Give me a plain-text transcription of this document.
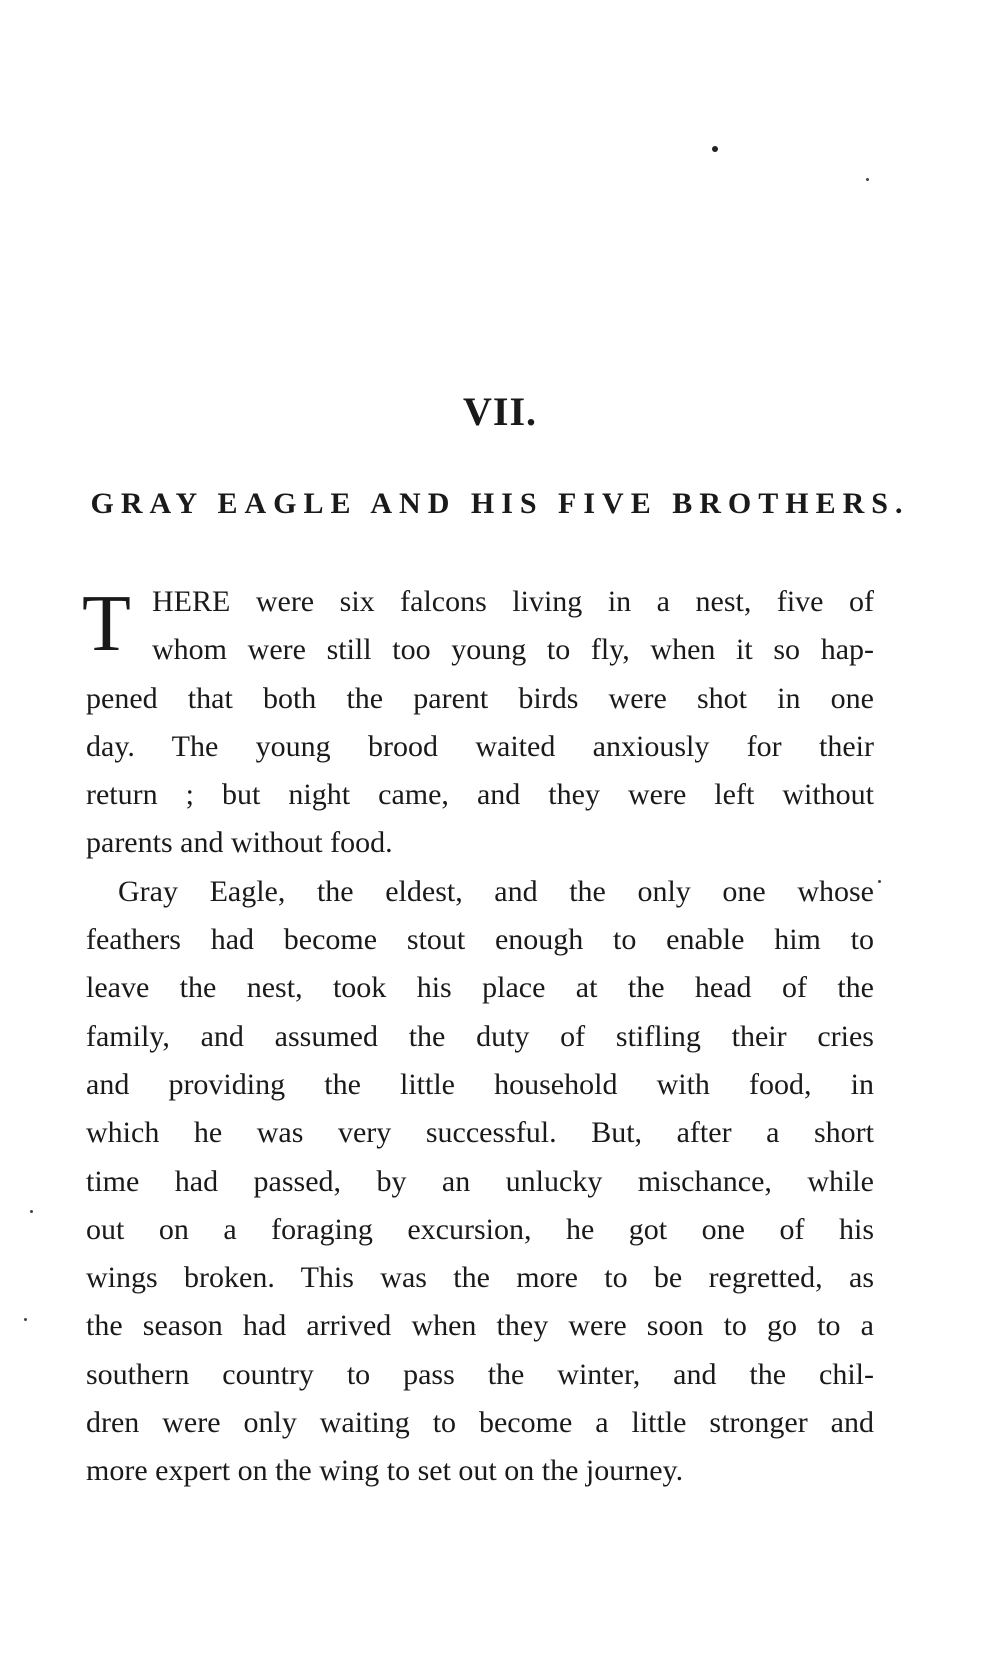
VII.
GRAY EAGLE AND HIS FIVE BROTHERS.
T HERE were six falcons living in a nest, five of
whom were still too young to fly, when it so hap-
pened that both the parent birds were shot in one
day. The young brood waited anxiously for their
return ; but night came, and they were left without
parents and without food.
Gray Eagle, the eldest, and the only one whose
feathers had become stout enough to enable him to
leave the nest, took his place at the head of the
family, and assumed the duty of stifling their cries
and providing the little household with food, in
which he was very successful. But, after a short
time had passed, by an unlucky mischance, while
out on a foraging excursion, he got one of his
wings broken. This was the more to be regretted, as
the season had arrived when they were soon to go to a
southern country to pass the winter, and the chil-
dren were only waiting to become a little stronger and
more expert on the wing to set out on the journey.
